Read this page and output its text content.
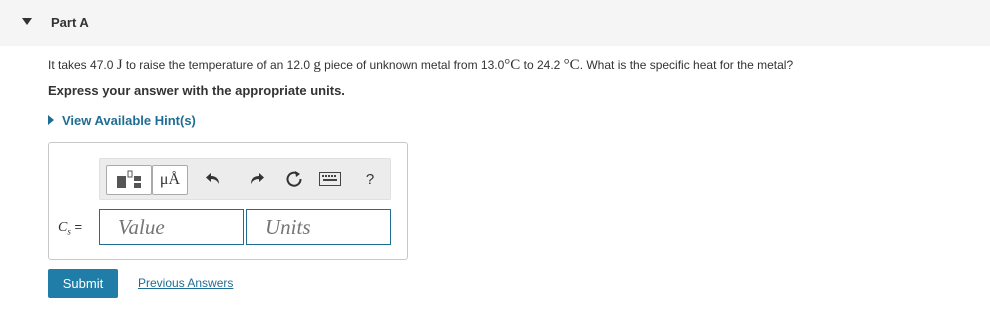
Part A
It takes 47.0 J to raise the temperature of an 12.0 g piece of unknown metal from 13.0°C to 24.2 °C. What is the specific heat for the metal?
Express your answer with the appropriate units.
View Available Hint(s)
μÅ	?
$C_s$ =
Value
Units
Submit	Previous Answers
